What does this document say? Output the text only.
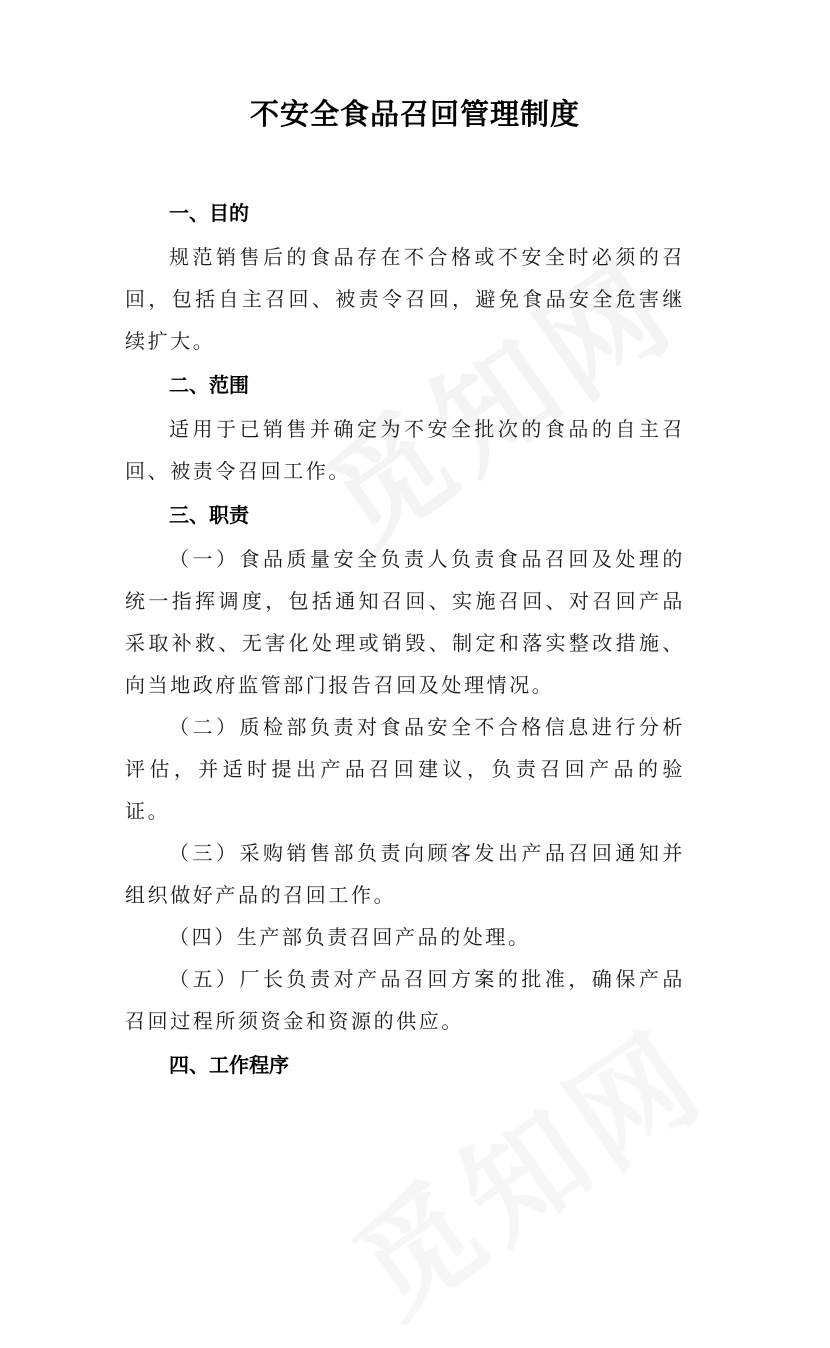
不安全食品召回管理制度
一、目的

规范销售后的食品存在不合格或不安全时必须的召回，包括自主召回、被责令召回，避免食品安全危害继续扩大。

二、范围

适用于已销售并确定为不安全批次的食品的自主召回、被责令召回工作。

三、职责

（一）食品质量安全负责人负责食品召回及处理的统一指挥调度，包括通知召回、实施召回、对召回产品采取补救、无害化处理或销毁、制定和落实整改措施、向当地政府监管部门报告召回及处理情况。

（二）质检部负责对食品安全不合格信息进行分析评估，并适时提出产品召回建议，负责召回产品的验证。

（三）采购销售部负责向顾客发出产品召回通知并组织做好产品的召回工作。

（四）生产部负责召回产品的处理。

（五）厂长负责对产品召回方案的批准，确保产品召回过程所须资金和资源的供应。

四、工作程序
